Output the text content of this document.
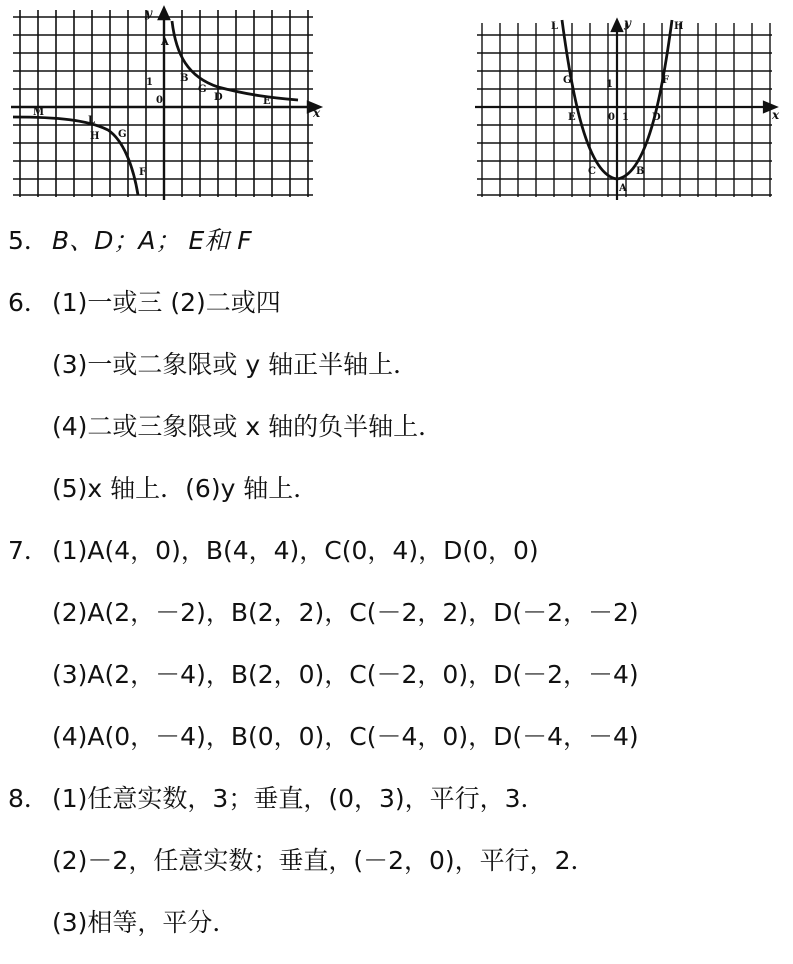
y
x
0
1
A
B
G
D	E
M
L
H G
F
y
x
0 1
1
L	H
G
E	D
F
C
A
B
5． B、D；A； E和 F
6． (1)一或三 (2)二或四
(3)一或二象限或 y 轴正半轴上．
(4)二或三象限或 x 轴的负半轴上．
(5)x 轴上．(6)y 轴上．
7． (1)A(4，0)，B(4，4)，C(0，4)，D(0，0)
(2)A(2，－2)，B(2，2)，C(－2，2)，D(－2，－2)
(3)A(2，－4)，B(2，0)，C(－2，0)，D(－2，－4)
(4)A(0，－4)，B(0，0)，C(－4，0)，D(－4，－4)
8． (1)任意实数，3；垂直，(0，3)，平行，3．
(2)－2，任意实数；垂直，(－2，0)，平行，2．
(3)相等，平分．
